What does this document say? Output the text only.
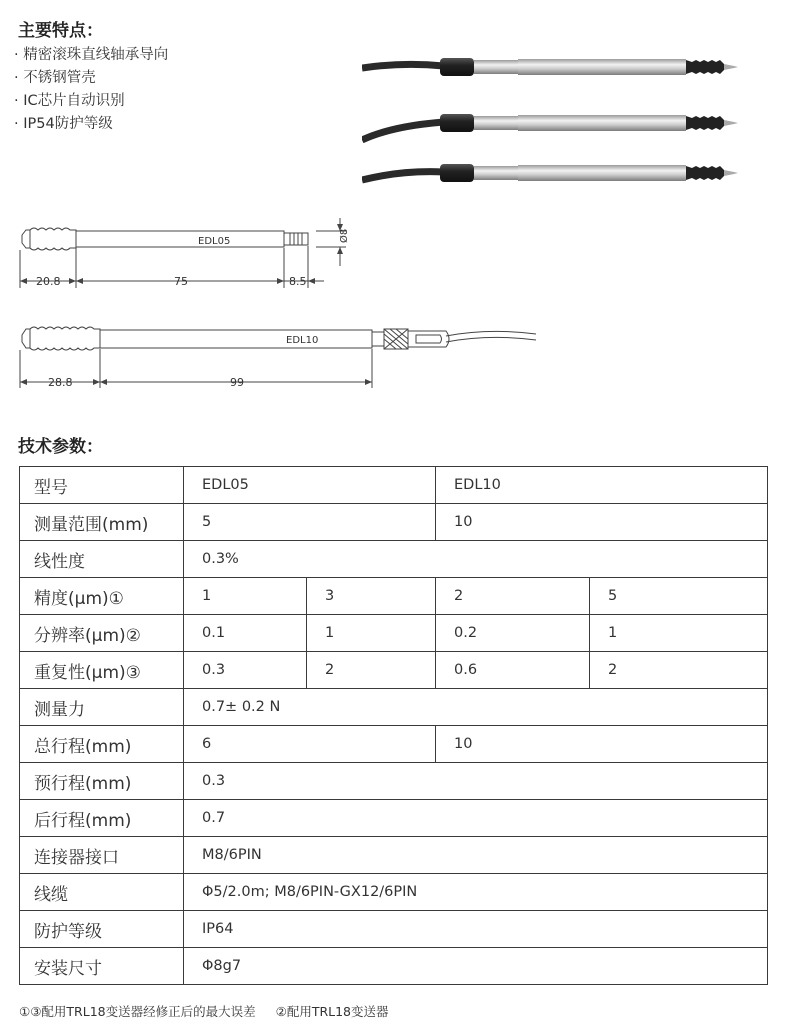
主要特点：
· 精密滚珠直线轴承导向
· 不锈钢管壳
· IC芯片自动识别
· IP54防护等级
EDL05
20.8	75	8.5
Ø8
EDL10
28.8	99
技术参数：
型号	EDL05		EDL10	
测量范围(mm)	5		10	
线性度	0.3%			
精度(μm)①	1	3	2	5
分辨率(μm)②	0.1	1	0.2	1
重复性(μm)③	0.3	2	0.6	2
测量力	0.7± 0.2 N			
总行程(mm)	6		10	
预行程(mm)	0.3			
后行程(mm)	0.7			
连接器接口	M8/6PIN			
线缆	Φ5/2.0m; M8/6PIN-GX12/6PIN			
防护等级	IP64			
安装尺寸	Φ8g7			
①③配用TRL18变送器经修正后的最大误差 ②配用TRL18变送器
